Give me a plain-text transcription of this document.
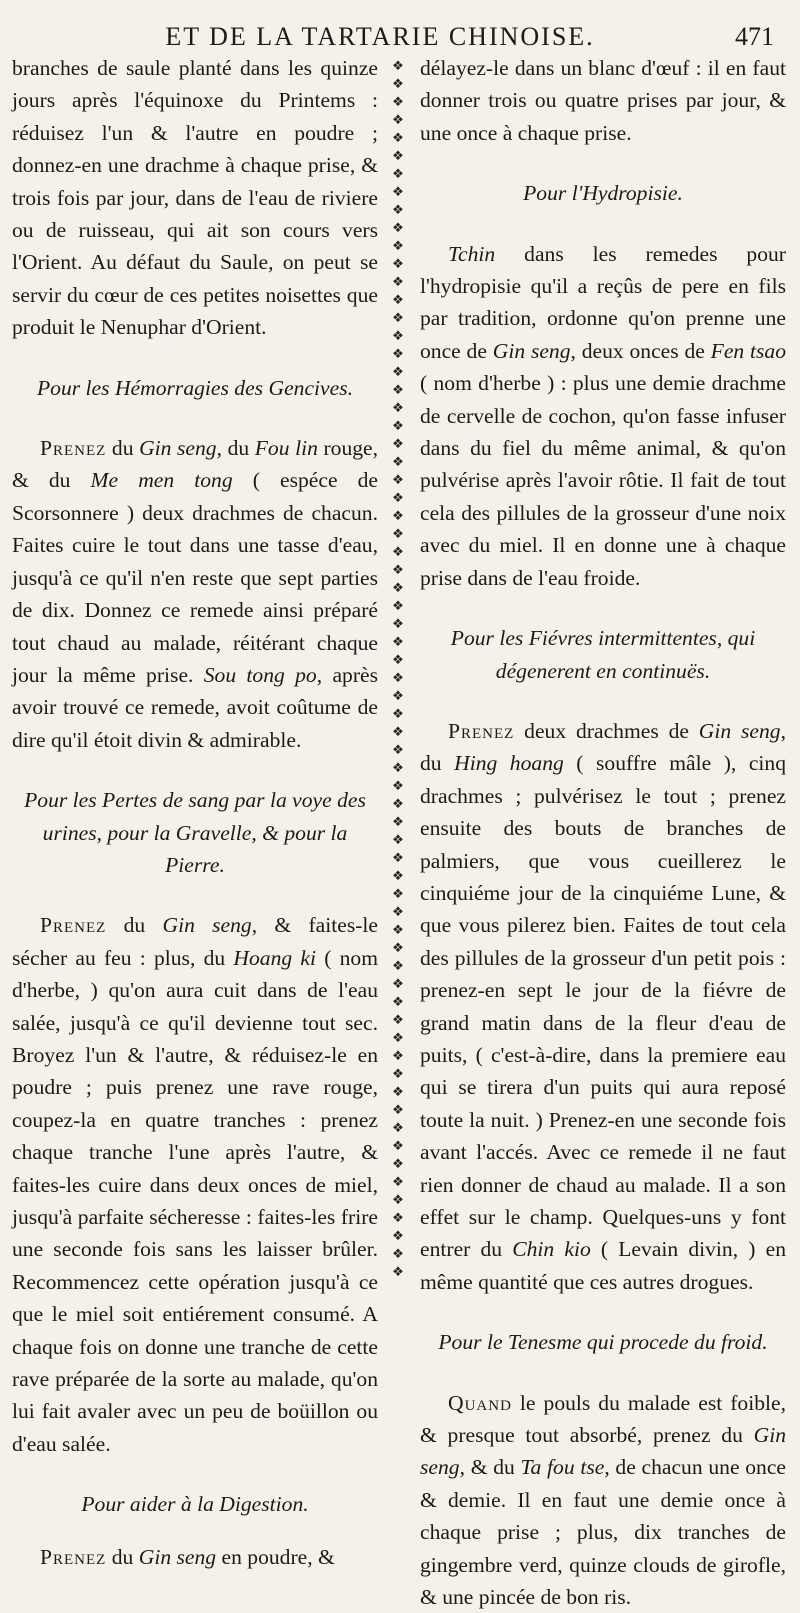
ET DE LA TARTARIE CHINOISE.	471

branches de saule planté dans les quinze jours après l'équinoxe du Printems : réduisez l'un & l'autre en poudre ; donnez-en une drachme à chaque prise, & trois fois par jour, dans de l'eau de riviere ou de ruisseau, qui ait son cours vers l'Orient. Au défaut du Saule, on peut se servir du cœur de ces petites noisettes que produit le Nenuphar d'Orient.

Pour les Hémorragies des Gencives.

Prenez du Gin seng, du Fou lin rouge, & du Me men tong ( espéce de Scorsonnere ) deux drachmes de chacun. Faites cuire le tout dans une tasse d'eau, jusqu'à ce qu'il n'en reste que sept parties de dix. Donnez ce remede ainsi préparé tout chaud au malade, réitérant chaque jour la même prise. Sou tong po, après avoir trouvé ce remede, avoit coûtume de dire qu'il étoit divin & admirable.

Pour les Pertes de sang par la voye des urines, pour la Gravelle, & pour la Pierre.

Prenez du Gin seng, & faites-le sécher au feu : plus, du Hoang ki ( nom d'herbe, ) qu'on aura cuit dans de l'eau salée, jusqu'à ce qu'il devienne tout sec. Broyez l'un & l'autre, & réduisez-le en poudre ; puis prenez une rave rouge, coupez-la en quatre tranches : prenez chaque tranche l'une après l'autre, & faites-les cuire dans deux onces de miel, jusqu'à parfaite sécheresse : faites-les frire une seconde fois sans les laisser brûler. Recommencez cette opération jusqu'à ce que le miel soit entiérement consumé. A chaque fois on donne une tranche de cette rave préparée de la sorte au malade, qu'on lui fait avaler avec un peu de boüillon ou d'eau salée.

Pour aider à la Digestion.

Prenez du Gin seng en poudre, &

❖
❖
❖
❖
❖
❖
❖
❖
❖
❖
❖
❖
❖
❖
❖
❖
❖
❖
❖
❖
❖
❖
❖
❖
❖
❖
❖
❖
❖
❖
❖
❖
❖
❖
❖
❖
❖
❖
❖
❖
❖
❖
❖
❖
❖
❖
❖
❖
❖
❖
❖
❖
❖
❖
❖
❖
❖
❖
❖
❖
❖
❖
❖
❖
❖
❖
❖
❖

délayez-le dans un blanc d'œuf : il en faut donner trois ou quatre prises par jour, & une once à chaque prise.

Pour l'Hydropisie.

Tchin dans les remedes pour l'hydropisie qu'il a reçûs de pere en fils par tradition, ordonne qu'on prenne une once de Gin seng, deux onces de Fen tsao ( nom d'herbe ) : plus une demie drachme de cervelle de cochon, qu'on fasse infuser dans du fiel du même animal, & qu'on pulvérise après l'avoir rôtie. Il fait de tout cela des pillules de la grosseur d'une noix avec du miel. Il en donne une à chaque prise dans de l'eau froide.

Pour les Fiévres intermittentes, qui dégenerent en continuës.

Prenez deux drachmes de Gin seng, du Hing hoang ( souffre mâle ), cinq drachmes ; pulvérisez le tout ; prenez ensuite des bouts de branches de palmiers, que vous cueillerez le cinquiéme jour de la cinquiéme Lune, & que vous pilerez bien. Faites de tout cela des pillules de la grosseur d'un petit pois : prenez-en sept le jour de la fiévre de grand matin dans de la fleur d'eau de puits, ( c'est-à-dire, dans la premiere eau qui se tirera d'un puits qui aura reposé toute la nuit. ) Prenez-en une seconde fois avant l'accés. Avec ce remede il ne faut rien donner de chaud au malade. Il a son effet sur le champ. Quelques-uns y font entrer du Chin kio ( Levain divin, ) en même quantité que ces autres drogues.

Pour le Tenesme qui procede du froid.

Quand le pouls du malade est foible, & presque tout absorbé, prenez du Gin seng, & du Ta fou tse, de chacun une once & demie. Il en faut une demie once à chaque prise ; plus, dix tranches de gingembre verd, quinze clouds de girofle, & une pincée de bon ris.
